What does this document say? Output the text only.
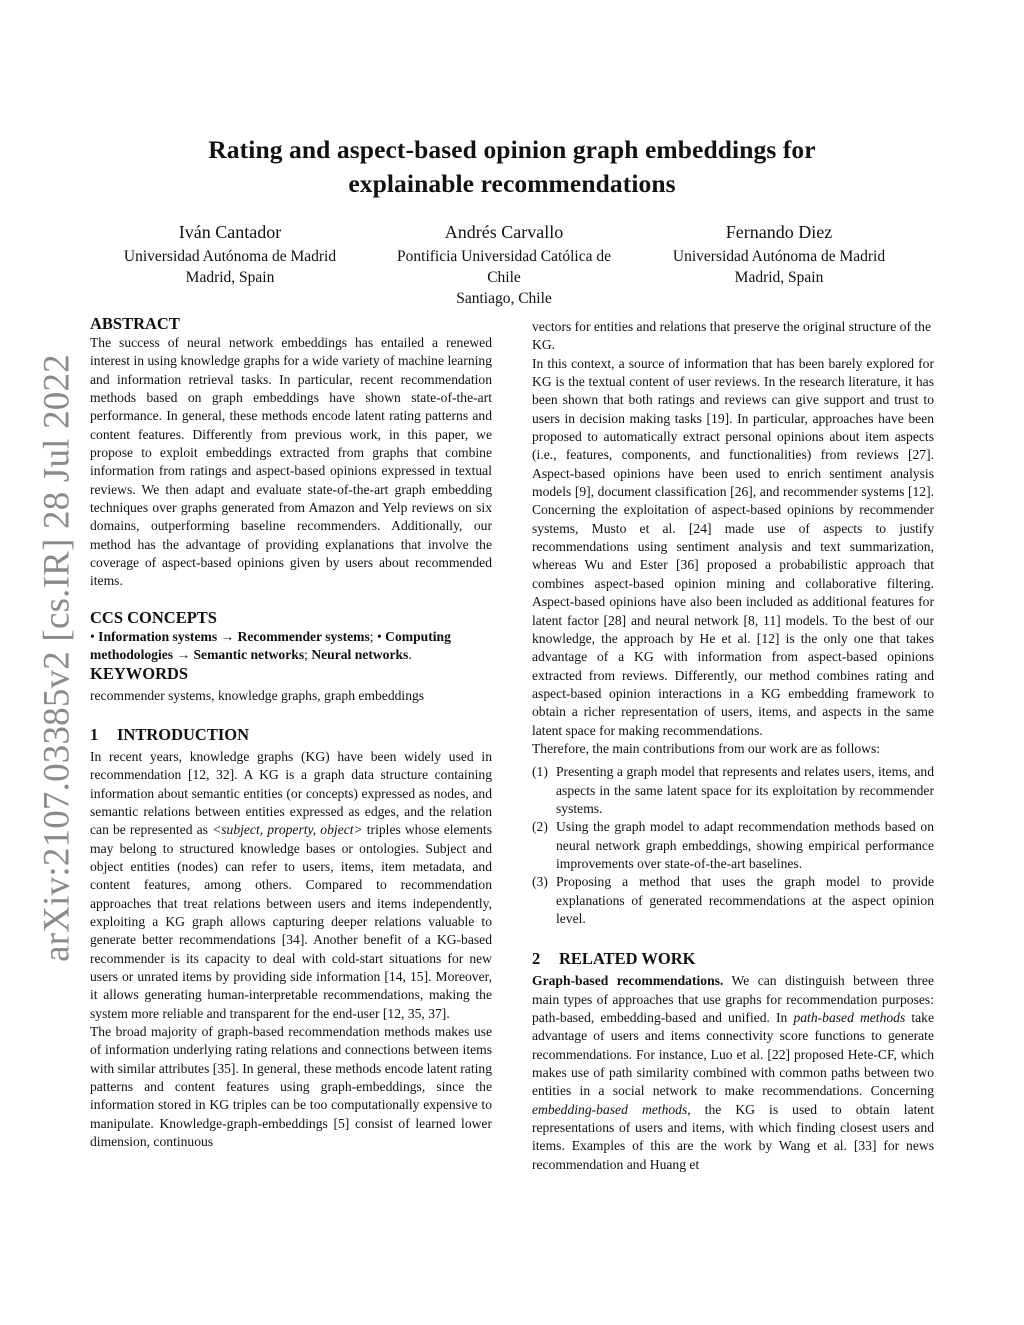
Rating and aspect-based opinion graph embeddings for
explainable recommendations
Iván Cantador
Universidad Autónoma de Madrid
Madrid, Spain
Andrés Carvallo
Pontificia Universidad Católica de
Chile
Santiago, Chile
Fernando Diez
Universidad Autónoma de Madrid
Madrid, Spain
arXiv:2107.03385v2 [cs.IR] 28 Jul 2022
ABSTRACT

The success of neural network embeddings has entailed a renewed interest in using knowledge graphs for a wide variety of machine learning and information retrieval tasks. In particular, recent recommendation methods based on graph embeddings have shown state-of-the-art performance. In general, these methods encode latent rating patterns and content features. Differently from previous work, in this paper, we propose to exploit embeddings extracted from graphs that combine information from ratings and aspect-based opinions expressed in textual reviews. We then adapt and evaluate state-of-the-art graph embedding techniques over graphs generated from Amazon and Yelp reviews on six domains, outperforming baseline recommenders. Additionally, our method has the advantage of providing explanations that involve the coverage of aspect-based opinions given by users about recommended items.

CCS CONCEPTS

• Information systems → Recommender systems; • Computing methodologies → Semantic networks; Neural networks.

KEYWORDS

recommender systems, knowledge graphs, graph embeddings

1 INTRODUCTION

In recent years, knowledge graphs (KG) have been widely used in recommendation [12, 32]. A KG is a graph data structure containing information about semantic entities (or concepts) expressed as nodes, and semantic relations between entities expressed as edges, and the relation can be represented as <subject, property, object> triples whose elements may belong to structured knowledge bases or ontologies. Subject and object entities (nodes) can refer to users, items, item metadata, and content features, among others. Compared to recommendation approaches that treat relations between users and items independently, exploiting a KG graph allows capturing deeper relations valuable to generate better recommendations [34]. Another benefit of a KG-based recommender is its capacity to deal with cold-start situations for new users or unrated items by providing side information [14, 15]. Moreover, it allows generating human-interpretable recommendations, making the system more reliable and transparent for the end-user [12, 35, 37].

The broad majority of graph-based recommendation methods makes use of information underlying rating relations and connections between items with similar attributes [35]. In general, these methods encode latent rating patterns and content features using graph-embeddings, since the information stored in KG triples can be too computationally expensive to manipulate. Knowledge-graph-embeddings [5] consist of learned lower dimension, continuous

vectors for entities and relations that preserve the original structure of the KG.

In this context, a source of information that has been barely explored for KG is the textual content of user reviews. In the research literature, it has been shown that both ratings and reviews can give support and trust to users in decision making tasks [19]. In particular, approaches have been proposed to automatically extract personal opinions about item aspects (i.e., features, components, and functionalities) from reviews [27]. Aspect-based opinions have been used to enrich sentiment analysis models [9], document classification [26], and recommender systems [12]. Concerning the exploitation of aspect-based opinions by recommender systems, Musto et al. [24] made use of aspects to justify recommendations using sentiment analysis and text summarization, whereas Wu and Ester [36] proposed a probabilistic approach that combines aspect-based opinion mining and collaborative filtering. Aspect-based opinions have also been included as additional features for latent factor [28] and neural network [8, 11] models. To the best of our knowledge, the approach by He et al. [12] is the only one that takes advantage of a KG with information from aspect-based opinions extracted from reviews. Differently, our method combines rating and aspect-based opinion interactions in a KG embedding framework to obtain a richer representation of users, items, and aspects in the same latent space for making recommendations.

Therefore, the main contributions from our work are as follows:

(1) Presenting a graph model that represents and relates users, items, and aspects in the same latent space for its exploitation by recommender systems.

(2) Using the graph model to adapt recommendation methods based on neural network graph embeddings, showing empirical performance improvements over state-of-the-art baselines.

(3) Proposing a method that uses the graph model to provide explanations of generated recommendations at the aspect opinion level.

2 RELATED WORK

Graph-based recommendations. We can distinguish between three main types of approaches that use graphs for recommendation purposes: path-based, embedding-based and unified. In path-based methods take advantage of users and items connectivity score functions to generate recommendations. For instance, Luo et al. [22] proposed Hete-CF, which makes use of path similarity combined with common paths between two entities in a social network to make recommendations. Concerning embedding-based methods, the KG is used to obtain latent representations of users and items, with which finding closest users and items. Examples of this are the work by Wang et al. [33] for news recommendation and Huang et
